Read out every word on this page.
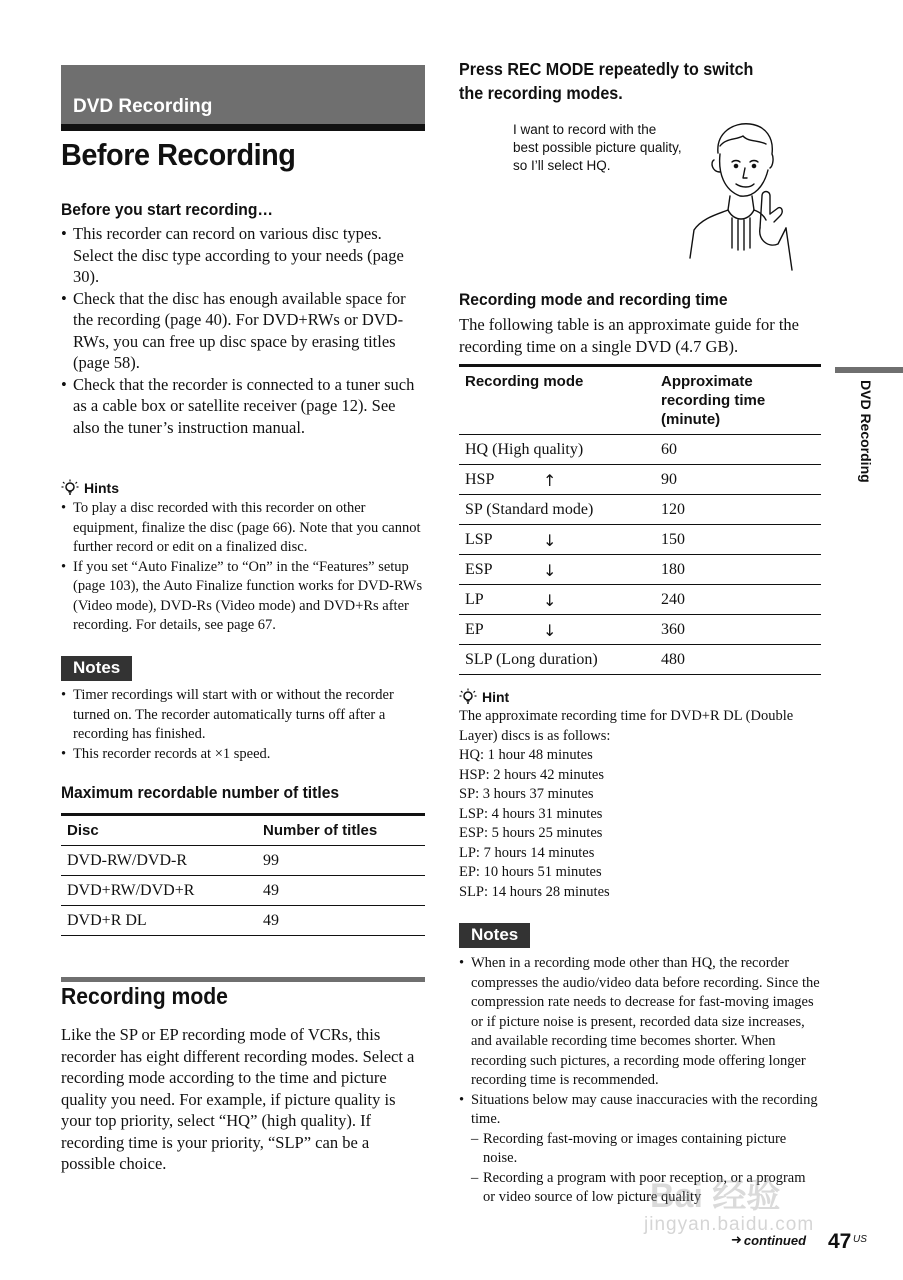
DVD Recording
Before Recording
Before you start recording…
• This recorder can record on various disc types. Select the disc type according to your needs (page 30).
• Check that the disc has enough available space for the recording (page 40). For DVD+RWs or DVD-RWs, you can free up disc space by erasing titles (page 58).
• Check that the recorder is connected to a tuner such as a cable box or satellite receiver (page 12). See also the tuner’s instruction manual.
Hints
• To play a disc recorded with this recorder on other equipment, finalize the disc (page 66). Note that you cannot further record or edit on a finalized disc.
• If you set “Auto Finalize” to “On” in the “Features” setup (page 103), the Auto Finalize function works for DVD-RWs (Video mode), DVD-Rs (Video mode) and DVD+Rs after recording. For details, see page 67.
Notes
• Timer recordings will start with or without the recorder turned on. The recorder automatically turns off after a recording has finished.
• This recorder records at ×1 speed.
Maximum recordable number of titles
Disc	Number of titles
DVD-RW/DVD-R	99
DVD+RW/DVD+R	49
DVD+R DL	49
Recording mode
Like the SP or EP recording mode of VCRs, this recorder has eight different recording modes. Select a recording mode according to the time and picture quality you need. For example, if picture quality is your top priority, select “HQ” (high quality). If recording time is your priority, “SLP” can be a possible choice.
Press REC MODE repeatedly to switch the recording modes.
I want to record with the best possible picture quality, so I’ll select HQ.
Recording mode and recording time
The following table is an approximate guide for the recording time on a single DVD (4.7 GB).
Recording mode	Approximate recording time (minute)
HQ (High quality)	60
HSP ↑	90
SP (Standard mode)	120
LSP ↓	150
ESP ↓	180
LP ↓	240
EP ↓	360
SLP (Long duration)	480
Hint
The approximate recording time for DVD+R DL (Double Layer) discs is as follows:
HQ: 1 hour 48 minutes
HSP: 2 hours 42 minutes
SP: 3 hours 37 minutes
LSP: 4 hours 31 minutes
ESP: 5 hours 25 minutes
LP: 7 hours 14 minutes
EP: 10 hours 51 minutes
SLP: 14 hours 28 minutes
Notes
• When in a recording mode other than HQ, the recorder compresses the audio/video data before recording. Since the compression rate needs to decrease for fast-moving images or if picture noise is present, recorded data size increases, and available recording time becomes shorter. When recording such pictures, a recording mode offering longer recording time is recommended.
• Situations below may cause inaccuracies with the recording time.
– Recording fast-moving or images containing picture noise.
– Recording a program with poor reception, or a program or video source of low picture quality
DVD Recording
Bai 经验
jingyan.baidu.com
➜ continued 47 US
